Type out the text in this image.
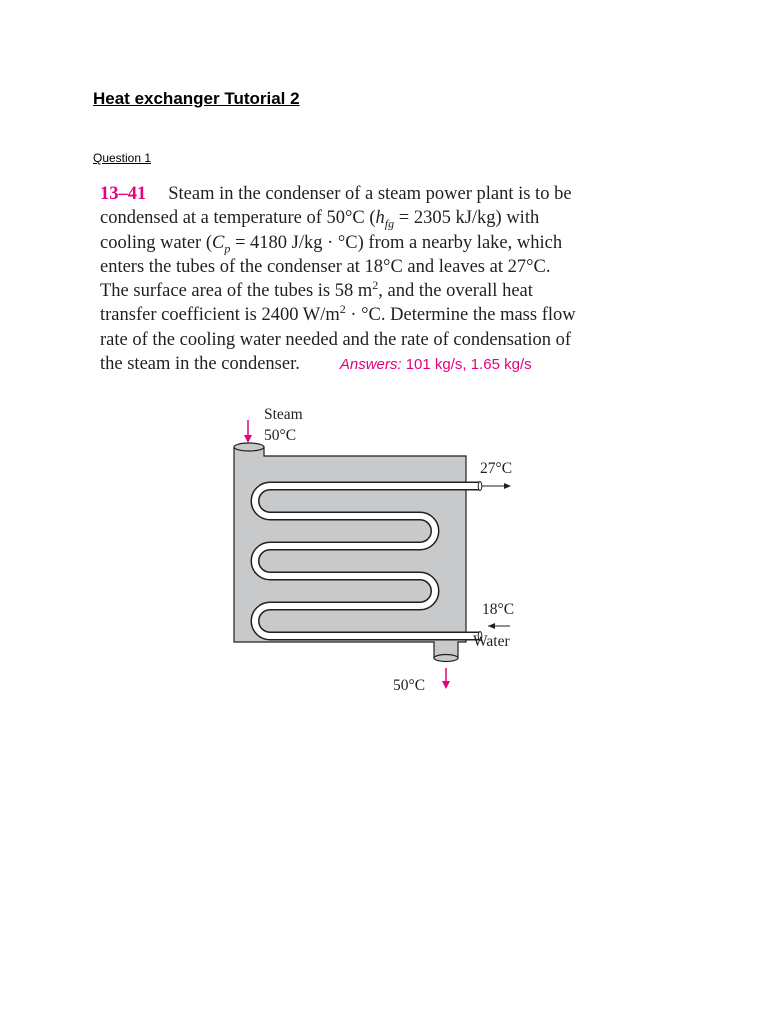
Heat exchanger Tutorial 2
Question 1
13–41 Steam in the condenser of a steam power plant is to be
condensed at a temperature of 50°C ($h_{fg} = 2305$ kJ/kg) with
cooling water ($C_p = 4180$ J/kg · °C) from a nearby lake, which
enters the tubes of the condenser at 18°C and leaves at 27°C.
The surface area of the tubes is 58 $m^2$, and the overall heat
transfer coefficient is 2400 $W/m^2 \cdot ^\circ C$. Determine the mass flow
rate of the cooling water needed and the rate of condensation of
the steam in the condenser.	Answers: 101 kg/s, 1.65 kg/s
Steam
50°C
27°C
18°C
Water
50°C
